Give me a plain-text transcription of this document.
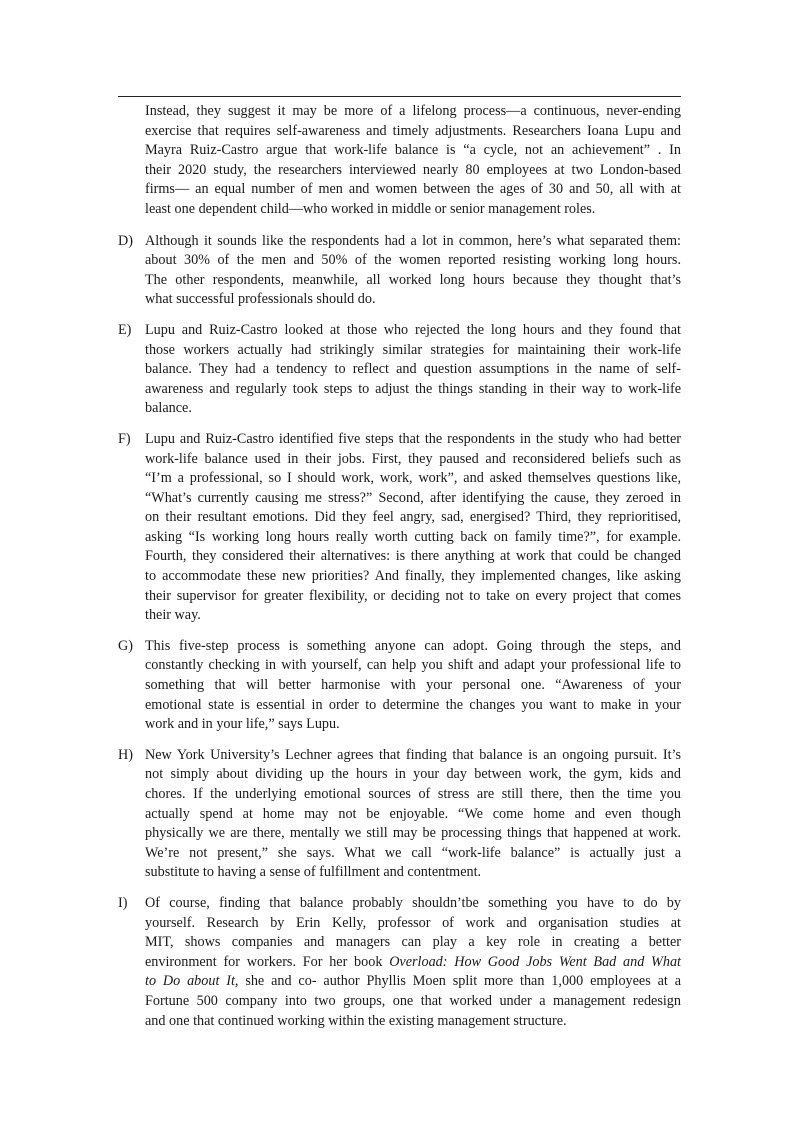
Instead, they suggest it may be more of a lifelong process—a continuous, never-ending
exercise that requires self-awareness and timely adjustments. Researchers Ioana Lupu and
Mayra Ruiz-Castro argue that work-life balance is “a cycle, not an achievement” . In
their 2020 study, the researchers interviewed nearly 80 employees at two London-based
firms— an equal number of men and women between the ages of 30 and 50, all with at
least one dependent child—who worked in middle or senior management roles.
D) Although it sounds like the respondents had a lot in common, here’s what separated them:
about 30% of the men and 50% of the women reported resisting working long hours.
The other respondents, meanwhile, all worked long hours because they thought that’s
what successful professionals should do.
E) Lupu and Ruiz-Castro looked at those who rejected the long hours and they found that
those workers actually had strikingly similar strategies for maintaining their work-life
balance. They had a tendency to reflect and question assumptions in the name of self-
awareness and regularly took steps to adjust the things standing in their way to work-life
balance.
F) Lupu and Ruiz-Castro identified five steps that the respondents in the study who had better
work-life balance used in their jobs. First, they paused and reconsidered beliefs such as
“I’m a professional, so I should work, work, work”, and asked themselves questions like,
“What’s currently causing me stress?” Second, after identifying the cause, they zeroed in
on their resultant emotions. Did they feel angry, sad, energised? Third, they reprioritised,
asking “Is working long hours really worth cutting back on family time?”, for example.
Fourth, they considered their alternatives: is there anything at work that could be changed
to accommodate these new priorities? And finally, they implemented changes, like asking
their supervisor for greater flexibility, or deciding not to take on every project that comes
their way.
G) This five-step process is something anyone can adopt. Going through the steps, and
constantly checking in with yourself, can help you shift and adapt your professional life to
something that will better harmonise with your personal one. “Awareness of your
emotional state is essential in order to determine the changes you want to make in your
work and in your life,” says Lupu.
H) New York University’s Lechner agrees that finding that balance is an ongoing pursuit. It’s
not simply about dividing up the hours in your day between work, the gym, kids and
chores. If the underlying emotional sources of stress are still there, then the time you
actually spend at home may not be enjoyable. “We come home and even though
physically we are there, mentally we still may be processing things that happened at work.
We’re not present,” she says. What we call “work-life balance” is actually just a
substitute to having a sense of fulfillment and contentment.
I) Of course, finding that balance probably shouldn’tbe something you have to do by
yourself. Research by Erin Kelly, professor of work and organisation studies at
MIT, shows companies and managers can play a key role in creating a better
environment for workers. For her book Overload: How Good Jobs Went Bad and What
to Do about It, she and co- author Phyllis Moen split more than 1,000 employees at a
Fortune 500 company into two groups, one that worked under a management redesign
and one that continued working within the existing management structure.
